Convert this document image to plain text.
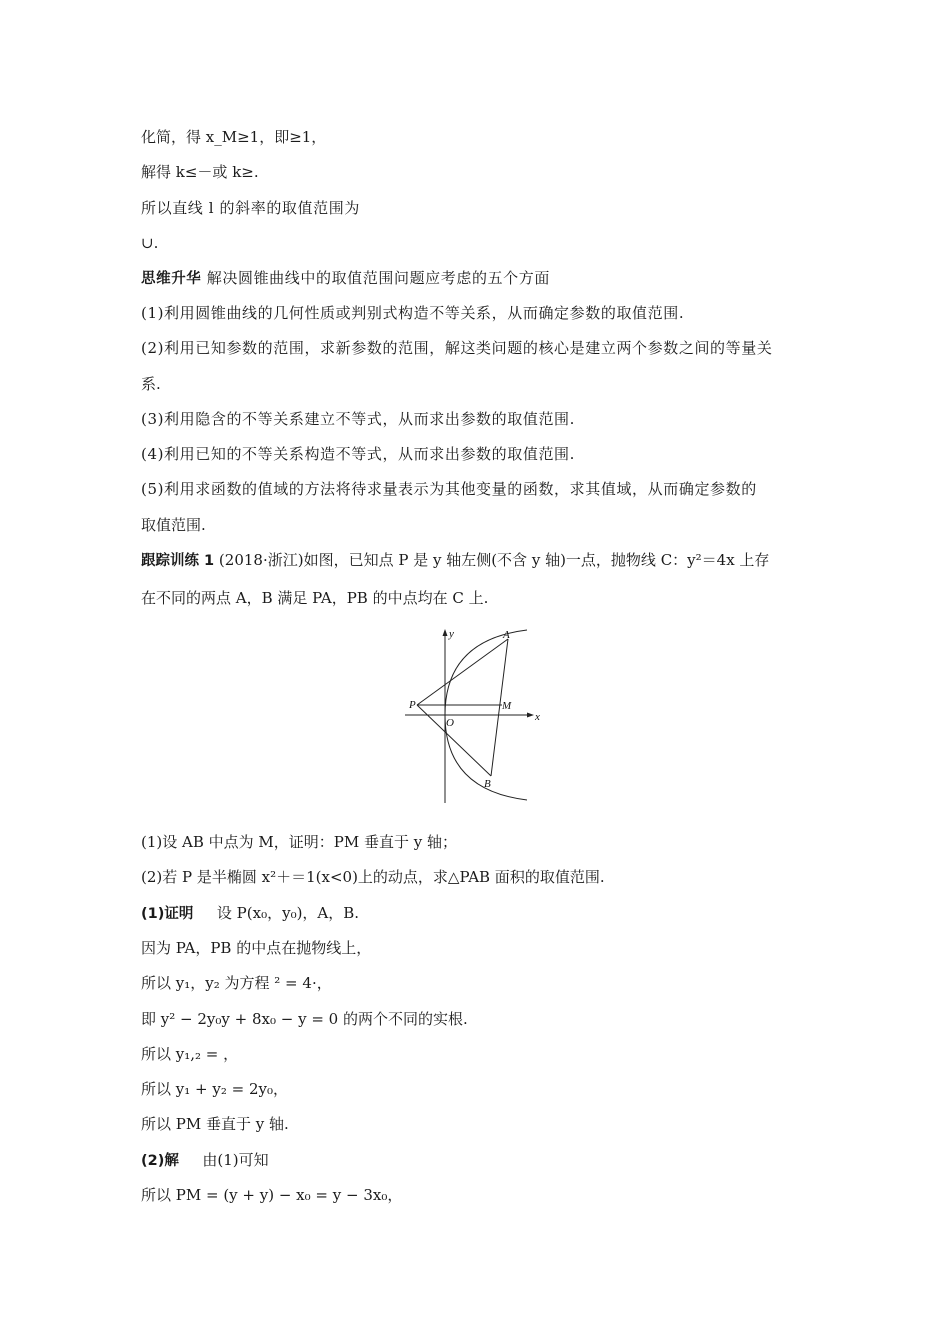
化简，得 x_M≥1，即≥1，
解得 k≤－或 k≥.
所以直线 l 的斜率的取值范围为
∪.
思维升华 解决圆锥曲线中的取值范围问题应考虑的五个方面
(1)利用圆锥曲线的几何性质或判别式构造不等关系，从而确定参数的取值范围.
(2)利用已知参数的范围，求新参数的范围，解这类问题的核心是建立两个参数之间的等量关
系.
(3)利用隐含的不等关系建立不等式，从而求出参数的取值范围.
(4)利用已知的不等关系构造不等式，从而求出参数的取值范围.
(5)利用求函数的值域的方法将待求量表示为其他变量的函数，求其值域，从而确定参数的
取值范围.
跟踪训练 1 (2018·浙江)如图，已知点 P 是 y 轴左侧(不含 y 轴)一点，抛物线 C：y²＝4x 上存
在不同的两点 A，B 满足 PA，PB 的中点均在 C 上.
x
y
P
O
M
A
B
(1)设 AB 中点为 M，证明：PM 垂直于 y 轴；
(2)若 P 是半椭圆 x²＋＝1(x<0)上的动点，求△PAB 面积的取值范围.
(1)证明 设 P(x₀，y₀)，A，B.
因为 PA，PB 的中点在抛物线上，
所以 y₁，y₂ 为方程 ² = 4·，
即 y² − 2y₀y + 8x₀ − y = 0 的两个不同的实根.
所以 y₁,₂ = ，
所以 y₁ + y₂ = 2y₀，
所以 PM 垂直于 y 轴.
(2)解 由(1)可知
所以 PM = (y + y) − x₀ = y − 3x₀，
